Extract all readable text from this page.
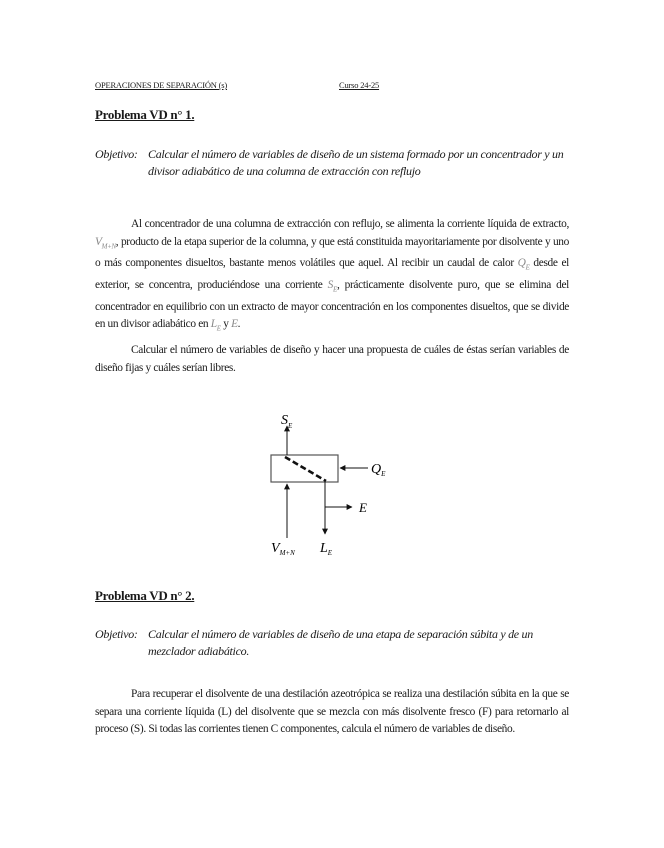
OPERACIONES DE SEPARACIÓN (s)	Curso 24-25
Problema VD n° 1.
Objetivo: Calcular el número de variables de diseño de un sistema formado por un concentrador y un divisor adiabático de una columna de extracción con reflujo

Al concentrador de una columna de extracción con reflujo, se alimenta la corriente líquida de extracto, $V_{M+N}$, producto de la etapa superior de la columna, y que está constituida mayoritariamente por disolvente y uno o más componentes disueltos, bastante menos volátiles que aquel. Al recibir un caudal de calor $Q_E$ desde el exterior, se concentra, produciéndose una corriente $S_E$, prácticamente disolvente puro, que se elimina del concentrador en equilibrio con un extracto de mayor concentración en los componentes disueltos, que se divide en un divisor adiabático en $L_E$ y E.

Calcular el número de variables de diseño y hacer una propuesta de cuáles de éstas serían variables de diseño fijas y cuáles serían libres.

$S_E$
$Q_E$
E
$V_{M+N}$ $L_E$
Problema VD n° 2.
Objetivo: Calcular el número de variables de diseño de una etapa de separación súbita y de un mezclador adiabático.

Para recuperar el disolvente de una destilación azeotrópica se realiza una destilación súbita en la que se separa una corriente líquida (L) del disolvente que se mezcla con más disolvente fresco (F) para retornarlo al proceso (S). Si todas las corrientes tienen C componentes, calcula el número de variables de diseño.
